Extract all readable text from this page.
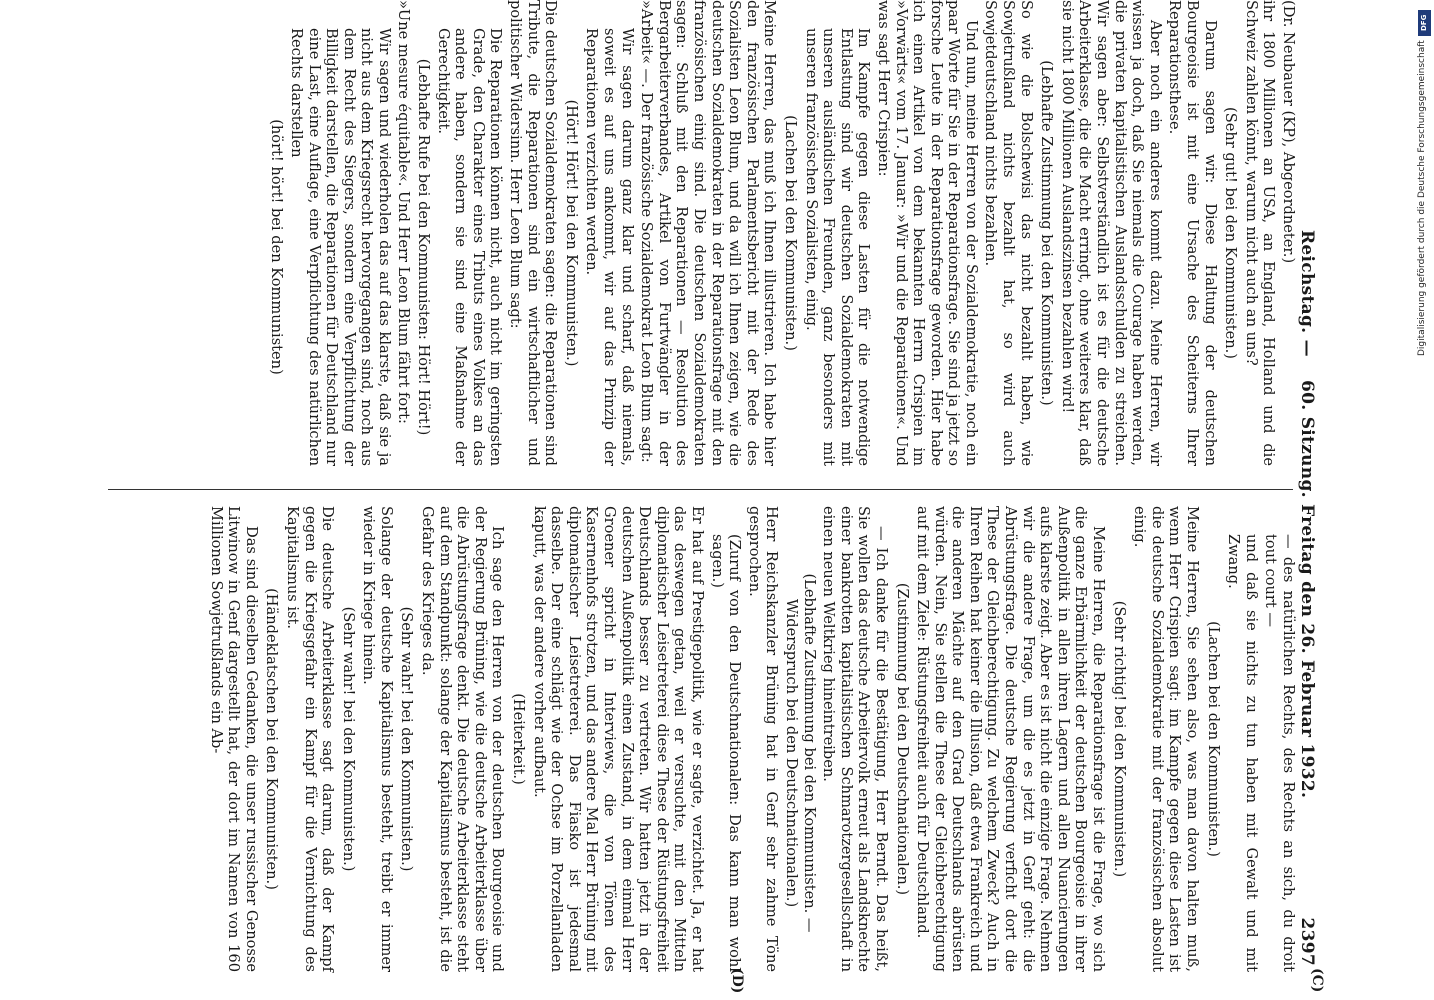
Reichstag. —
60. Sitzung. Freitag den 26. Februar 1932.
2397

(Dr. Neubauer (KP), Abgeordneter.)

ihr 1800 Millionen an USA, an England, Holland und die Schweiz zahlen könnt, warum nicht auch an uns?

(Sehr gut! bei den Kommunisten.)

Darum sagen wir: Diese Haltung der deutschen Bourgeoisie ist mit eine Ursache des Scheiterns Ihrer Reparationsthese.

Aber noch ein anderes kommt dazu. Meine Herren, wir wissen ja doch, daß Sie niemals die Courage haben werden, die privaten kapitalistischen Auslandsschulden zu streichen. Wir sagen aber: Selbstverständlich ist es für die deutsche Arbeiterklasse, die die Macht erringt, ohne weiteres klar, daß sie nicht 1800 Millionen Auslandszinsen bezahlen wird!

(Lebhafte Zustimmung bei den Kommunisten.)

So wie die Bolschewisi das nicht bezahlt haben, wie Sowjetrußland nichts bezahlt hat, so wird auch Sowjetdeutschland nichts bezahlen.

Und nun, meine Herren von der Sozialdemokratie, noch ein paar Worte für Sie in der Reparationsfrage. Sie sind ja jetzt so forsche Leute in der Reparationsfrage geworden. Hier habe ich einen Artikel von dem bekannten Herrn Crispien im »Vorwärts« vom 17. Januar: »Wir und die Reparationen«. Und was sagt Herr Crispien:

Im Kampfe gegen diese Lasten für die notwendige Entlastung sind wir deutschen Sozialdemokraten mit unseren ausländischen Freunden, ganz besonders mit unseren französischen Sozialisten, einig.

(Lachen bei den Kommunisten.)

Meine Herren, das muß ich Ihnen illustrieren. Ich habe hier den französischen Parlamentsbericht mit der Rede des Sozialisten Leon Blum, und da will ich Ihnen zeigen, wie die deutschen Sozialdemokraten in der Reparationsfrage mit den französischen einig sind. Die deutschen Sozialdemokraten sagen: Schluß mit den Reparationen — Resolution des Bergarbeiterverbandes, Artikel von Furtwängler in der »Arbeit« —. Der französische Sozialdemokrat Leon Blum sagt:

Wir sagen darum ganz klar und scharf, daß niemals, soweit es auf uns ankommt, wir auf das Prinzip der Reparationen verzichten werden.

(Hört! Hört! bei den Kommunisten.)

Die deutschen Sozialdemokraten sagen: die Reparationen sind Tribute, die Reparationen sind ein wirtschaftlicher und politischer Widersinn. Herr Leon Blum sagt:

Die Reparationen können nicht, auch nicht im geringsten Grade, den Charakter eines Tributs eines Volkes an das andere haben, sondern sie sind eine Maßnahme der Gerechtigkeit.

(Lebhafte Rufe bei den Kommunisten: Hört! Hört!)

»Une mesure équitable«. Und Herr Leon Blum fährt fort:

Wir sagen und wiederholen das auf das klarste, daß sie ja nicht aus dem Kriegsrecht hervorgegangen sind, noch aus dem Recht des Siegers, sondern eine Verpflichtung der Billigkeit darstellen, die Reparationen für Deutschland nur eine Last, eine Auflage, eine Verpflichtung des natürlichen Rechts darstellen

(hört! hört! bei den Kommunisten)

— des natürlichen Rechts, des Rechts an sich, du droit tout court —

und daß sie nichts zu tun haben mit Gewalt und mit Zwang.

(Lachen bei den Kommunisten.)

Meine Herren, Sie sehen also, was man davon halten muß, wenn Herr Crispien sagt: im Kampfe gegen diese Lasten ist die deutsche Sozialdemokratie mit der französischen absolut einig.

(Sehr richtig! bei den Kommunisten.)

Meine Herren, die Reparationsfrage ist die Frage, wo sich die ganze Erbärmlichkeit der deutschen Bourgeoisie in ihrer Außenpolitik in allen ihren Lagern und allen Nuancierungen aufs klarste zeigt. Aber es ist nicht die einzige Frage. Nehmen wir die andere Frage, um die es jetzt in Genf geht: die Abrüstungsfrage. Die deutsche Regierung verficht dort die These der Gleichberechtigung. Zu welchem Zweck? Auch in Ihren Reihen hat keiner die Illusion, daß etwa Frankreich und die anderen Mächte auf den Grad Deutschlands abrüsten würden. Nein, Sie stellen die These der Gleichberechtigung auf mit dem Ziele: Rüstungsfreiheit auch für Deutschland.

(Zustimmung bei den Deutschnationalen.)

— Ich danke für die Bestätigung, Herr Berndt. Das heißt, Sie wollen das deutsche Arbeitervolk erneut als Landsknechte einer bankrotten kapitalistischen Schmarotzergesellschaft in einen neuen Weltkrieg hineintreiben.

(Lebhafte Zustimmung bei den Kommunisten. — Widerspruch bei den Deutschnationalen.)

Herr Reichskanzler Brüning hat in Genf sehr zahme Töne gesprochen.

(Zuruf von den Deutschnationalen: Das kann man wohl sagen.)

Er hat auf Prestigepolitik, wie er sagte, verzichtet. Ja, er hat das deswegen getan, weil er versuchte, mit den Mitteln diplomatischer Leisetreterei diese These der Rüstungsfreiheit Deutschlands besser zu vertreten. Wir hatten jetzt in der deutschen Außenpolitik einen Zustand, in dem einmal Herr Groener spricht in Interviews, die von Tönen des Kasernenhofs strotzen, und das andere Mal Herr Brüning mit diplomatischer Leisetreterei. Das Fiasko ist jedesmal dasselbe. Der eine schlägt wie der Ochse im Porzellanladen kaputt, was der andere vorher aufbaut.

(Heiterkeit.)

Ich sage den Herren von der deutschen Bourgeoisie und der Regierung Brüning, wie die deutsche Arbeiterklasse über die Abrüstungsfrage denkt. Die deutsche Arbeiterklasse steht auf dem Standpunkt: solange der Kapitalismus besteht, ist die Gefahr des Krieges da.

(Sehr wahr! bei den Kommunisten.)

Solange der deutsche Kapitalismus besteht, treibt er immer wieder in Kriege hinein.

(Sehr wahr! bei den Kommunisten.)

Die deutsche Arbeiterklasse sagt darum, daß der Kampf gegen die Kriegsgefahr ein Kampf für die Vernichtung des Kapitalismus ist.

(Händeklatschen bei den Kommunisten.)

Das sind dieselben Gedanken, die unser russischer Genosse Litwinow in Genf dargestellt hat, der dort im Namen von 160 Millionen Sowjetrußlands ein Ab-

(C)
(D)
DFG
Digitalisierung gefördert durch die Deutsche Forschungsgemeinschaft
